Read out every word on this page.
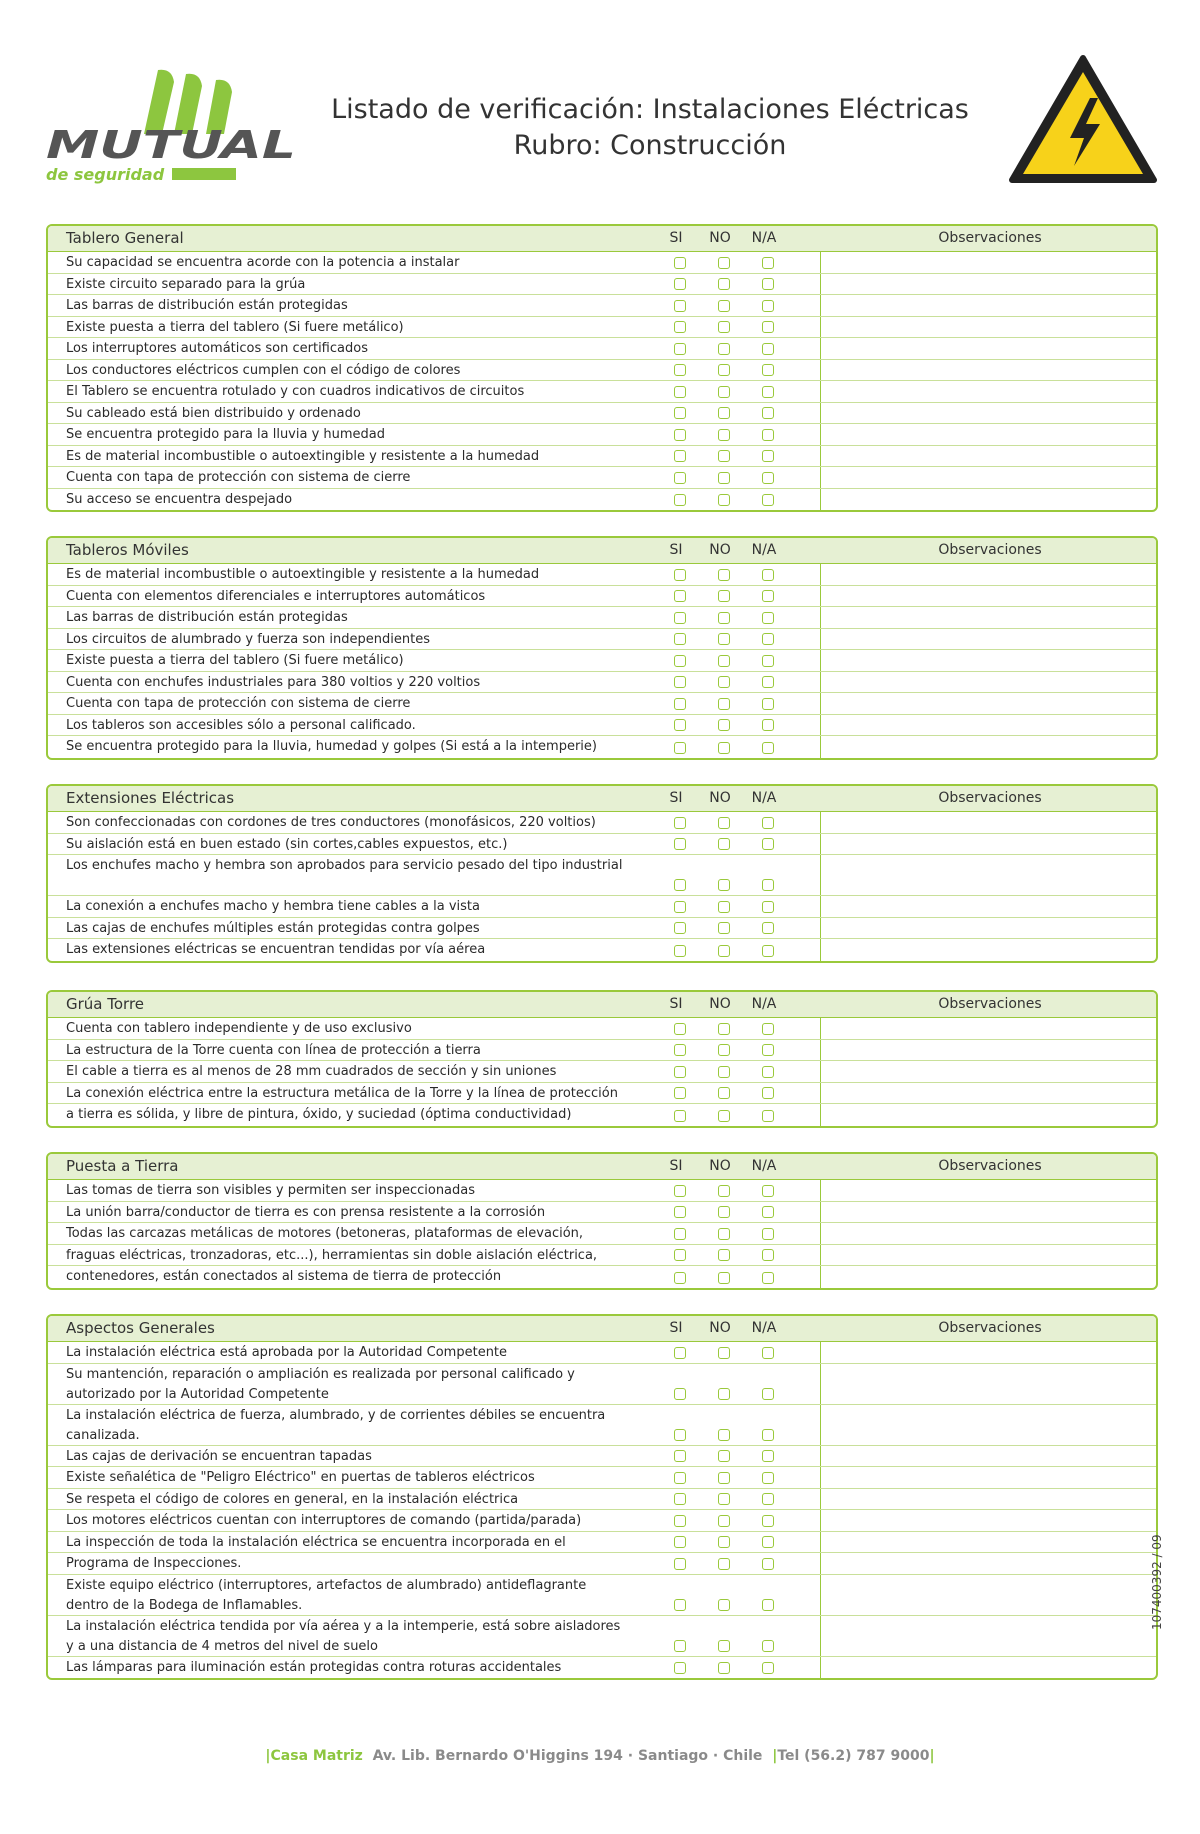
MUTUAL
de seguridad
Listado de verificación: Instalaciones Eléctricas
Rubro: Construcción
Tablero General	SI	NO	N/A	Observaciones
Su capacidad se encuentra acorde con la potencia a instalar
Existe circuito separado para la grúa
Las barras de distribución están protegidas
Existe puesta a tierra del tablero (Si fuere metálico)
Los interruptores automáticos son certificados
Los conductores eléctricos cumplen con el código de colores
El Tablero se encuentra rotulado y con cuadros indicativos de circuitos
Su cableado está bien distribuido y ordenado
Se encuentra protegido para la lluvia y humedad
Es de material incombustible o autoextingible y resistente a la humedad
Cuenta con tapa de protección con sistema de cierre
Su acceso se encuentra despejado
Tableros Móviles	SI	NO	N/A	Observaciones
Es de material incombustible o autoextingible y resistente a la humedad
Cuenta con elementos diferenciales e interruptores automáticos
Las barras de distribución están protegidas
Los circuitos de alumbrado y fuerza son independientes
Existe puesta a tierra del tablero (Si fuere metálico)
Cuenta con enchufes industriales para 380 voltios y 220 voltios
Cuenta con tapa de protección con sistema de cierre
Los tableros son accesibles sólo a personal calificado.
Se encuentra protegido para la lluvia, humedad y golpes (Si está a la intemperie)
Extensiones Eléctricas	SI	NO	N/A	Observaciones
Son confeccionadas con cordones de tres conductores (monofásicos, 220 voltios)
Su aislación está en buen estado (sin cortes,cables expuestos, etc.)
Los enchufes macho y hembra son aprobados para servicio pesado del tipo industrial
La conexión a enchufes macho y hembra tiene cables a la vista
Las cajas de enchufes múltiples están protegidas contra golpes
Las extensiones eléctricas se encuentran tendidas por vía aérea
Grúa Torre	SI	NO	N/A	Observaciones
Cuenta con tablero independiente y de uso exclusivo
La estructura de la Torre cuenta con línea de protección a tierra
El cable a tierra es al menos de 28 mm cuadrados de sección y sin uniones
La conexión eléctrica entre la estructura metálica de la Torre y la línea de protección
a tierra es sólida, y libre de pintura, óxido, y suciedad (óptima conductividad)
Puesta a Tierra	SI	NO	N/A	Observaciones
Las tomas de tierra son visibles y permiten ser inspeccionadas
La unión barra/conductor de tierra es con prensa resistente a la corrosión
Todas las carcazas metálicas de motores (betoneras, plataformas de elevación,
fraguas eléctricas, tronzadoras, etc...), herramientas sin doble aislación eléctrica,
contenedores, están conectados al sistema de tierra de protección
Aspectos Generales	SI	NO	N/A	Observaciones
La instalación eléctrica está aprobada por la Autoridad Competente
Su mantención, reparación o ampliación es realizada por personal calificado y autorizado por la Autoridad Competente
La instalación eléctrica de fuerza, alumbrado, y de corrientes débiles se encuentra canalizada.
Las cajas de derivación se encuentran tapadas
Existe señalética de "Peligro Eléctrico" en puertas de tableros eléctricos
Se respeta el código de colores en general, en la instalación eléctrica
Los motores eléctricos cuentan con interruptores de comando (partida/parada)
La inspección de toda la instalación eléctrica se encuentra incorporada en el
Programa de Inspecciones.
Existe equipo eléctrico (interruptores, artefactos de alumbrado) antideflagrante dentro de la Bodega de Inflamables.
La instalación eléctrica tendida por vía aérea y a la intemperie, está sobre aisladores y a una distancia de 4 metros del nivel de suelo
Las lámparas para iluminación están protegidas contra roturas accidentales
|Casa Matriz Av. Lib. Bernardo O'Higgins 194 · Santiago · Chile |Tel (56.2) 787 9000|
107400392 / 09
